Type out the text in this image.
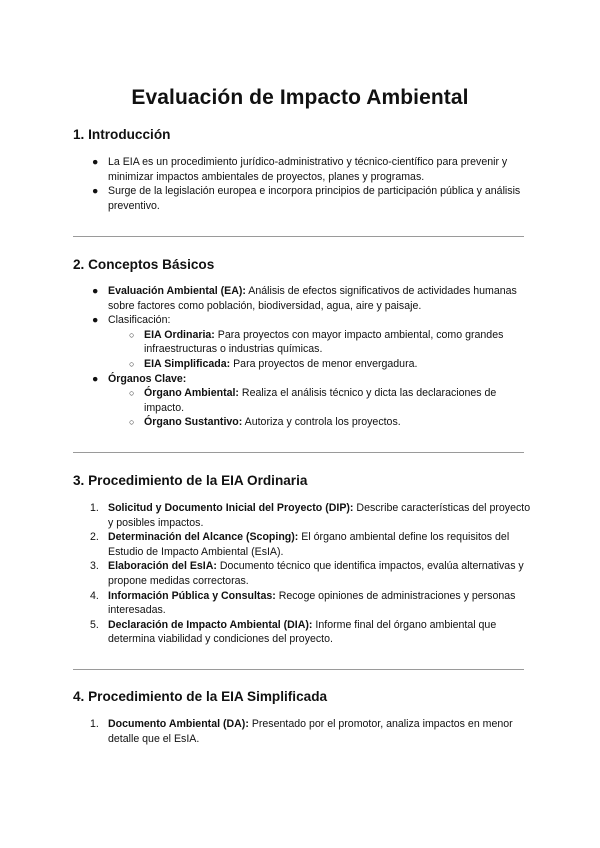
Evaluación de Impacto Ambiental
1. Introducción
● La EIA es un procedimiento jurídico-administrativo y técnico-científico para prevenir y minimizar impactos ambientales de proyectos, planes y programas.
● Surge de la legislación europea e incorpora principios de participación pública y análisis preventivo.
2. Conceptos Básicos
● Evaluación Ambiental (EA): Análisis de efectos significativos de actividades humanas sobre factores como población, biodiversidad, agua, aire y paisaje.
● Clasificación:
○ EIA Ordinaria: Para proyectos con mayor impacto ambiental, como grandes infraestructuras o industrias químicas.
○ EIA Simplificada: Para proyectos de menor envergadura.
● Órganos Clave:
○ Órgano Ambiental: Realiza el análisis técnico y dicta las declaraciones de impacto.
○ Órgano Sustantivo: Autoriza y controla los proyectos.
3. Procedimiento de la EIA Ordinaria
1. Solicitud y Documento Inicial del Proyecto (DIP): Describe características del proyecto y posibles impactos.
2. Determinación del Alcance (Scoping): El órgano ambiental define los requisitos del Estudio de Impacto Ambiental (EsIA).
3. Elaboración del EsIA: Documento técnico que identifica impactos, evalúa alternativas y propone medidas correctoras.
4. Información Pública y Consultas: Recoge opiniones de administraciones y personas interesadas.
5. Declaración de Impacto Ambiental (DIA): Informe final del órgano ambiental que determina viabilidad y condiciones del proyecto.
4. Procedimiento de la EIA Simplificada
1. Documento Ambiental (DA): Presentado por el promotor, analiza impactos en menor detalle que el EsIA.
